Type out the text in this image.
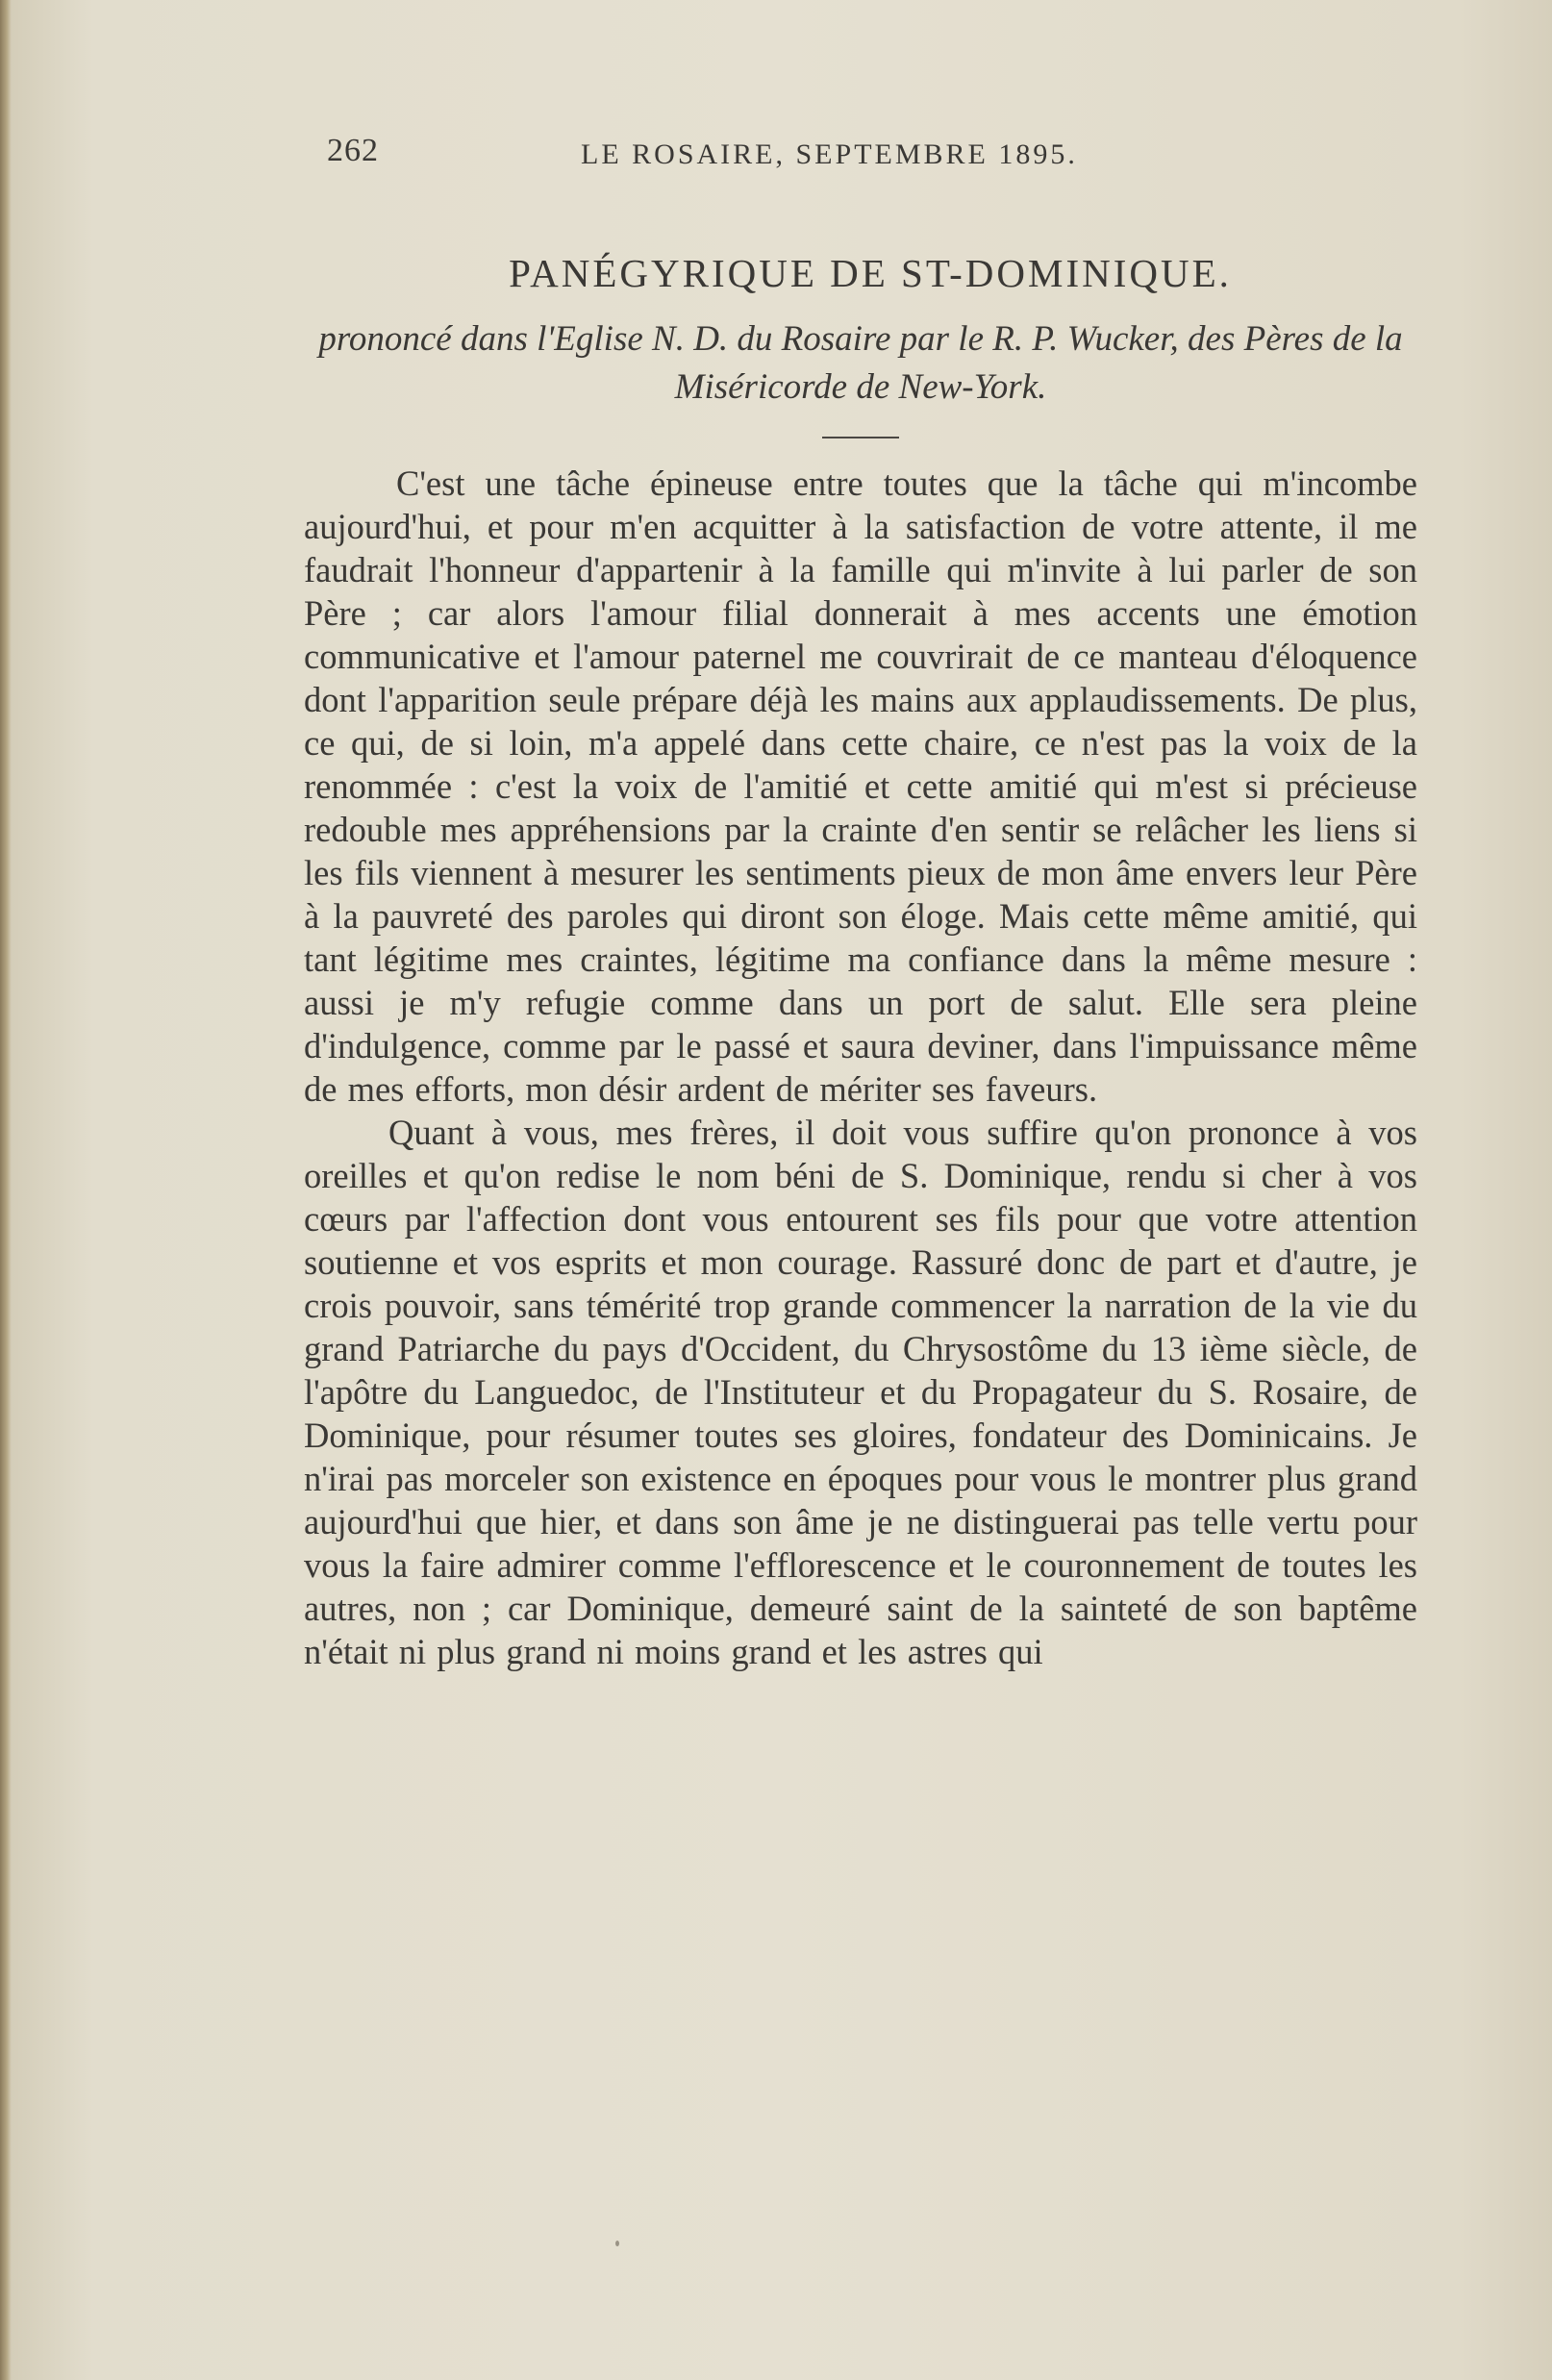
262	LE ROSAIRE, SEPTEMBRE 1895.
PANÉGYRIQUE DE ST-DOMINIQUE.

prononcé dans l'Eglise N. D. du Rosaire par le R. P. Wucker, des Pères de la Miséricorde de New-York.

C'est une tâche épineuse entre toutes que la tâche qui m'incombe aujourd'hui, et pour m'en acquitter à la satisfaction de votre attente, il me faudrait l'honneur d'appartenir à la famille qui m'invite à lui parler de son Père ; car alors l'amour filial donnerait à mes accents une émotion communicative et l'amour paternel me couvrirait de ce manteau d'éloquence dont l'apparition seule prépare déjà les mains aux applaudissements. De plus, ce qui, de si loin, m'a appelé dans cette chaire, ce n'est pas la voix de la renommée : c'est la voix de l'amitié et cette amitié qui m'est si précieuse redouble mes appréhensions par la crainte d'en sentir se relâcher les liens si les fils viennent à mesurer les sentiments pieux de mon âme envers leur Père à la pauvreté des paroles qui diront son éloge. Mais cette même amitié, qui tant légitime mes craintes, légitime ma confiance dans la même mesure : aussi je m'y refugie comme dans un port de salut. Elle sera pleine d'indulgence, comme par le passé et saura deviner, dans l'impuissance même de mes efforts, mon désir ardent de mériter ses faveurs.

Quant à vous, mes frères, il doit vous suffire qu'on prononce à vos oreilles et qu'on redise le nom béni de S. Dominique, rendu si cher à vos cœurs par l'affection dont vous entourent ses fils pour que votre attention soutienne et vos esprits et mon courage. Rassuré donc de part et d'autre, je crois pouvoir, sans témérité trop grande commencer la narration de la vie du grand Patriarche du pays d'Occident, du Chrysostôme du 13 ième siècle, de l'apôtre du Languedoc, de l'Instituteur et du Propagateur du S. Rosaire, de Dominique, pour résumer toutes ses gloires, fondateur des Dominicains. Je n'irai pas morceler son existence en époques pour vous le montrer plus grand aujourd'hui que hier, et dans son âme je ne distinguerai pas telle vertu pour vous la faire admirer comme l'efflorescence et le couronnement de toutes les autres, non ; car Dominique, demeuré saint de la sainteté de son baptême n'était ni plus grand ni moins grand et les astres qui
